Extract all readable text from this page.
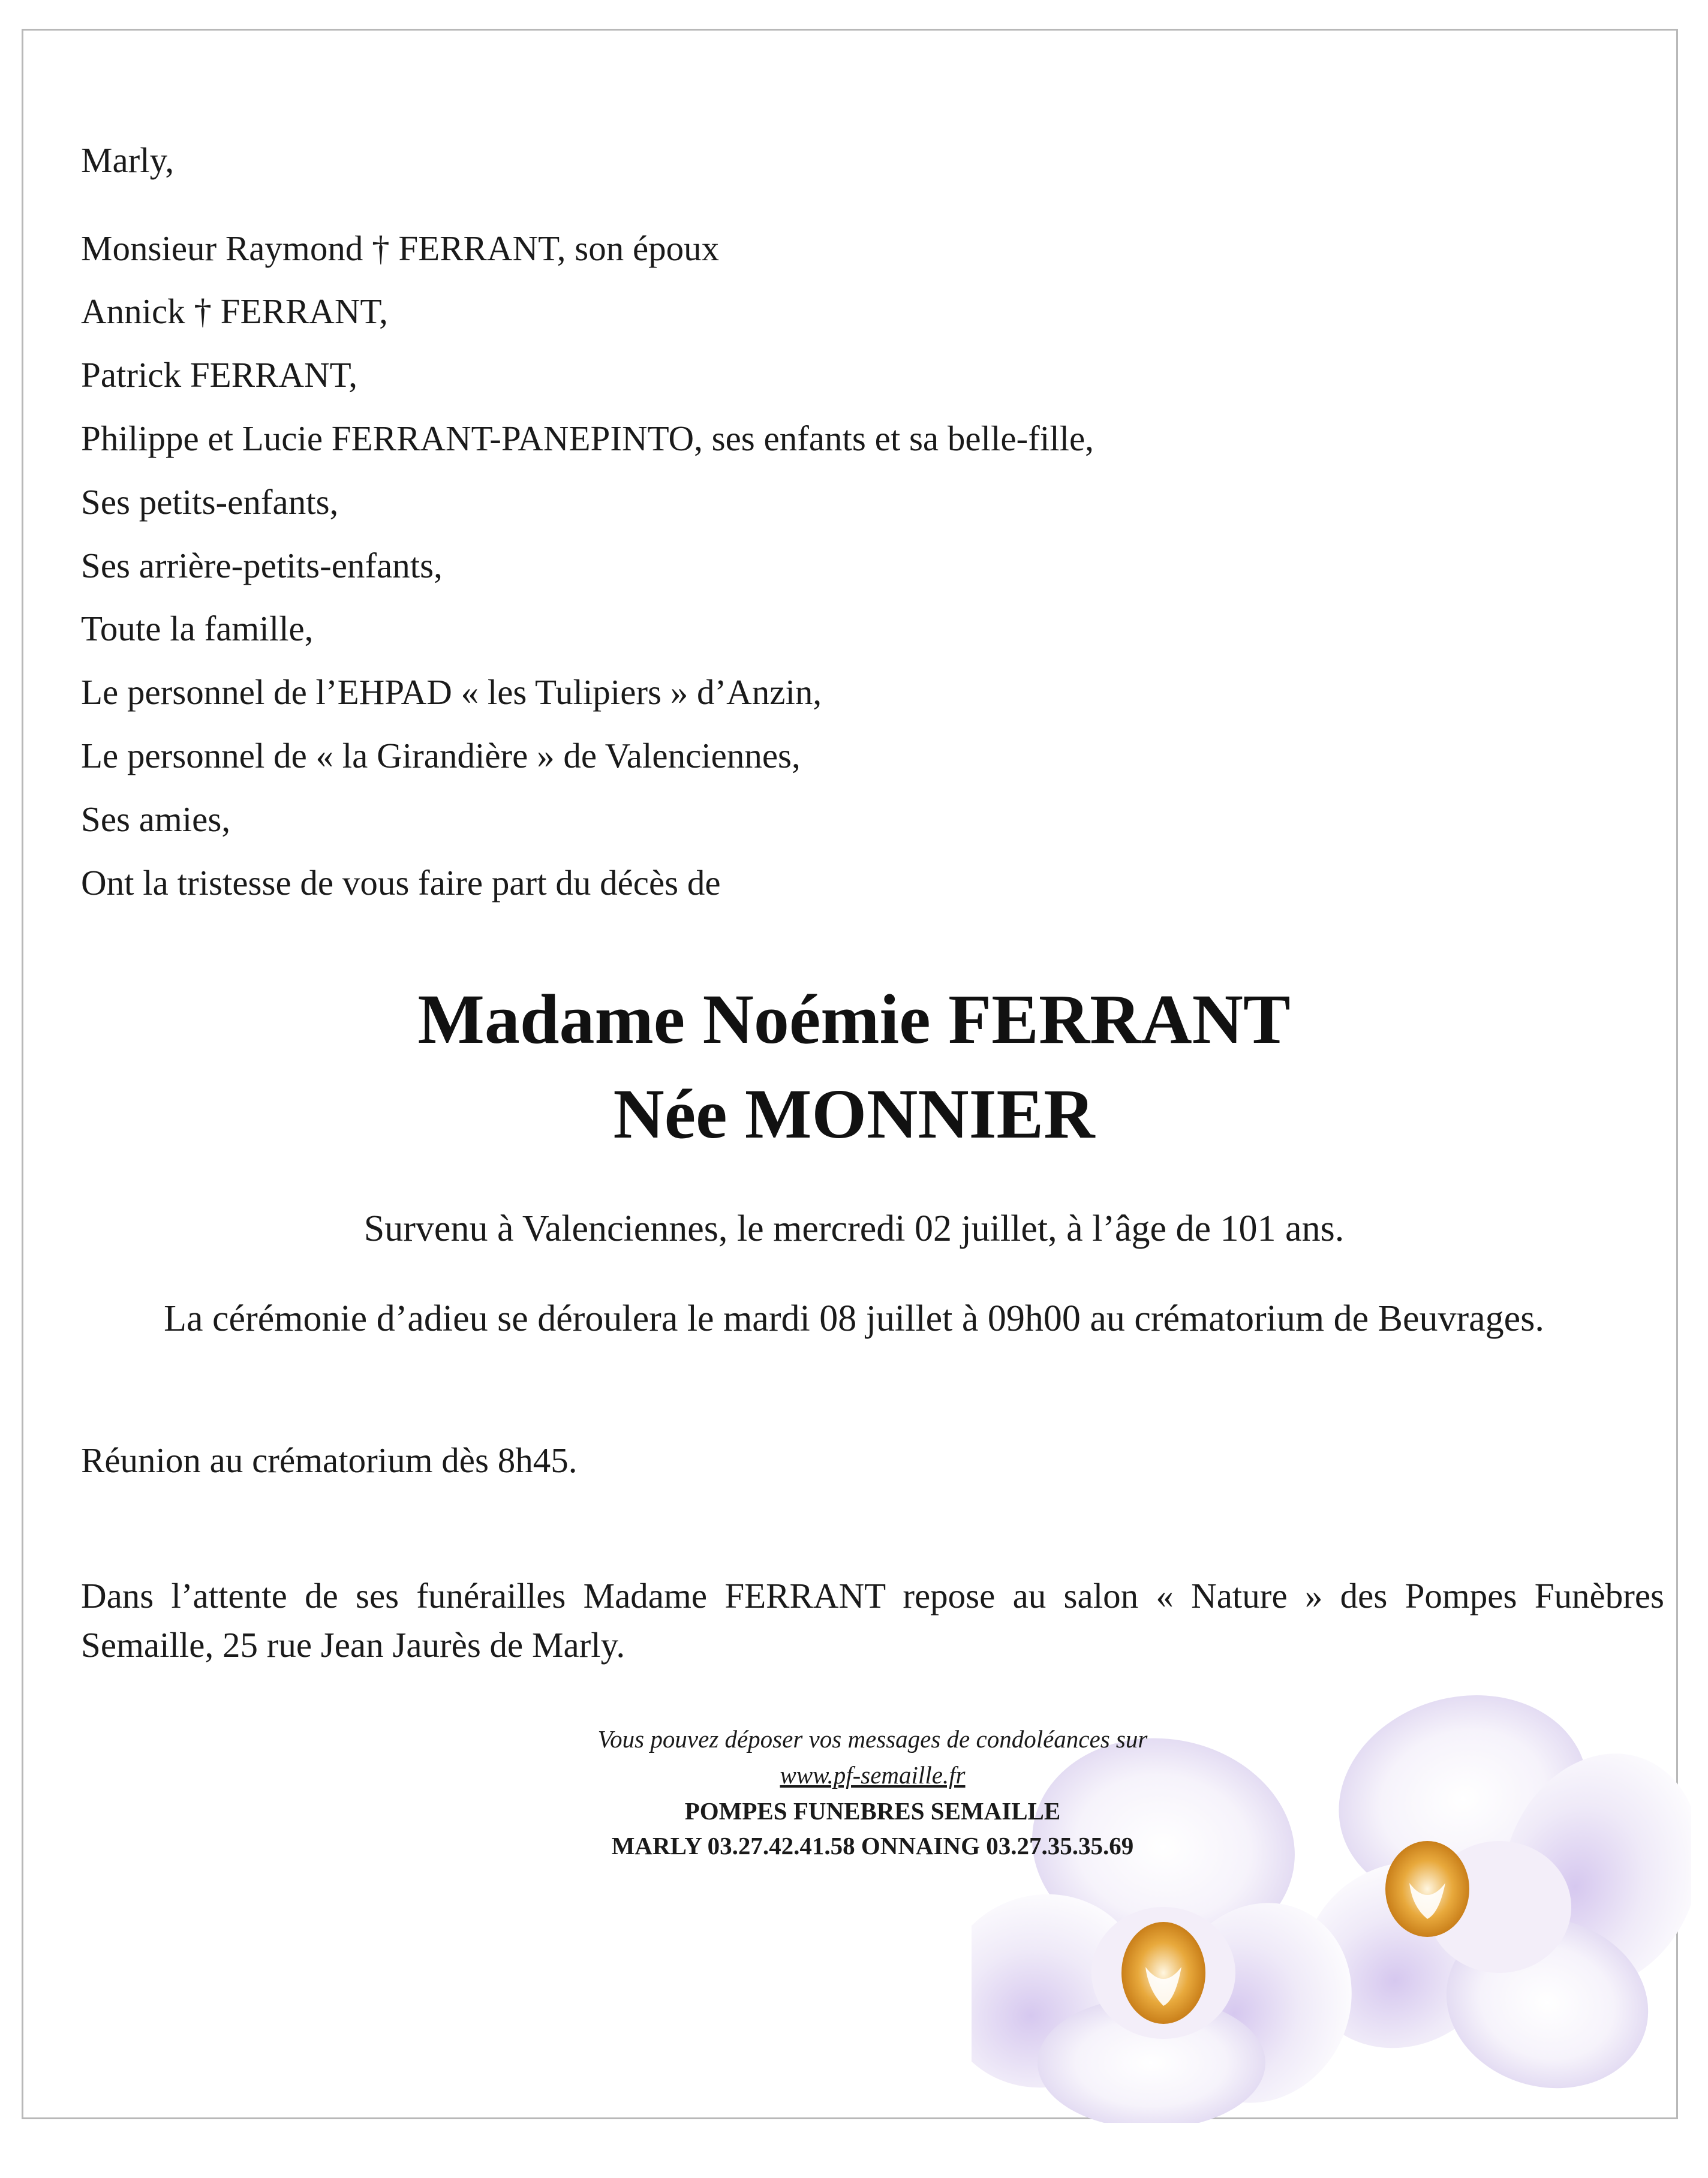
Marly,
Monsieur Raymond † FERRANT, son époux
Annick † FERRANT,
Patrick FERRANT,
Philippe et Lucie FERRANT-PANEPINTO, ses enfants et sa belle-fille,
Ses petits-enfants,
Ses arrière-petits-enfants,
Toute la famille,
Le personnel de l’EHPAD « les Tulipiers » d’Anzin,
Le personnel de « la Girandière » de Valenciennes,
Ses amies,
Ont la tristesse de vous faire part du décès de
Madame Noémie FERRANT
Née MONNIER
Survenu à Valenciennes, le mercredi 02 juillet, à l’âge de 101 ans.
La cérémonie d’adieu se déroulera le mardi 08 juillet à 09h00 au crématorium de Beuvrages.
Réunion au crématorium dès 8h45.
Dans l’attente de ses funérailles Madame FERRANT repose au salon « Nature » des Pompes Funèbres Semaille, 25 rue Jean Jaurès de Marly.
Vous pouvez déposer vos messages de condoléances sur
www.pf-semaille.fr
POMPES FUNEBRES SEMAILLE
MARLY 03.27.42.41.58 ONNAING 03.27.35.35.69
